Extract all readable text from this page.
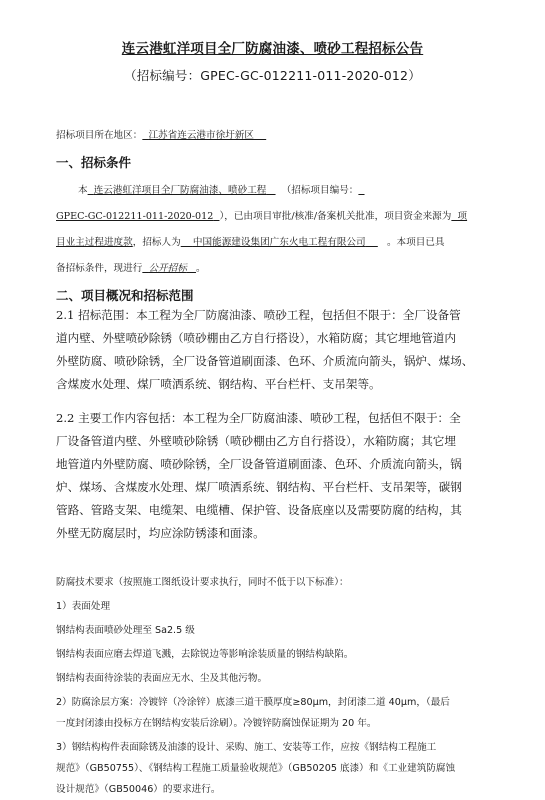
连云港虹洋项目全厂防腐油漆、喷砂工程招标公告
（招标编号：GPEC-GC-012211-011-2020-012）
招标项目所在地区： 江苏省连云港市徐圩新区
一、招标条件
本 连云港虹洋项目全厂防腐油漆、喷砂工程 （招标项目编号：
GPEC-GC-012211-011-2020-012 ），已由项目审批/核准/备案机关批准，项目资金来源为 项
目业主过程进度款，招标人为 中国能源建设集团广东火电工程有限公司 。本项目已具
备招标条件，现进行 公开招标 。
二、项目概况和招标范围
2.1 招标范围：本工程为全厂防腐油漆、喷砂工程，包括但不限于：全厂设备管
道内壁、外壁喷砂除锈（喷砂棚由乙方自行搭设），水箱防腐；其它埋地管道内
外壁防腐、喷砂除锈，全厂设备管道刷面漆、色环、介质流向箭头，锅炉、煤场、
含煤废水处理、煤厂喷洒系统、钢结构、平台栏杆、支吊架等。
2.2 主要工作内容包括：本工程为全厂防腐油漆、喷砂工程，包括但不限于：全
厂设备管道内壁、外壁喷砂除锈（喷砂棚由乙方自行搭设），水箱防腐；其它埋
地管道内外壁防腐、喷砂除锈，全厂设备管道刷面漆、色环、介质流向箭头，锅
炉、煤场、含煤废水处理、煤厂喷洒系统、钢结构、平台栏杆、支吊架等，碳钢
管路、管路支架、电缆架、电缆槽、保护管、设备底座以及需要防腐的结构，其
外壁无防腐层时，均应涂防锈漆和面漆。
防腐技术要求（按照施工图纸设计要求执行，同时不低于以下标准）：
1）表面处理
钢结构表面喷砂处理至 Sa2.5 级
钢结构表面应磨去焊道飞溅，去除锐边等影响涂装质量的钢结构缺陷。
钢结构表面待涂装的表面应无水、尘及其他污物。
2）防腐涂层方案：冷镀锌（冷涂锌）底漆三道干膜厚度≥80μm，封闭漆二道 40μm，（最后
一度封闭漆由投标方在钢结构安装后涂刷）。冷镀锌防腐蚀保证期为 20 年。
3）钢结构构件表面除锈及油漆的设计、采购、施工、安装等工作，应按《钢结构工程施工
规范》（GB50755）、《钢结构工程施工质量验收规范》（GB50205 底漆）和《工业建筑防腐蚀
设计规范》（GB50046）的要求进行。
